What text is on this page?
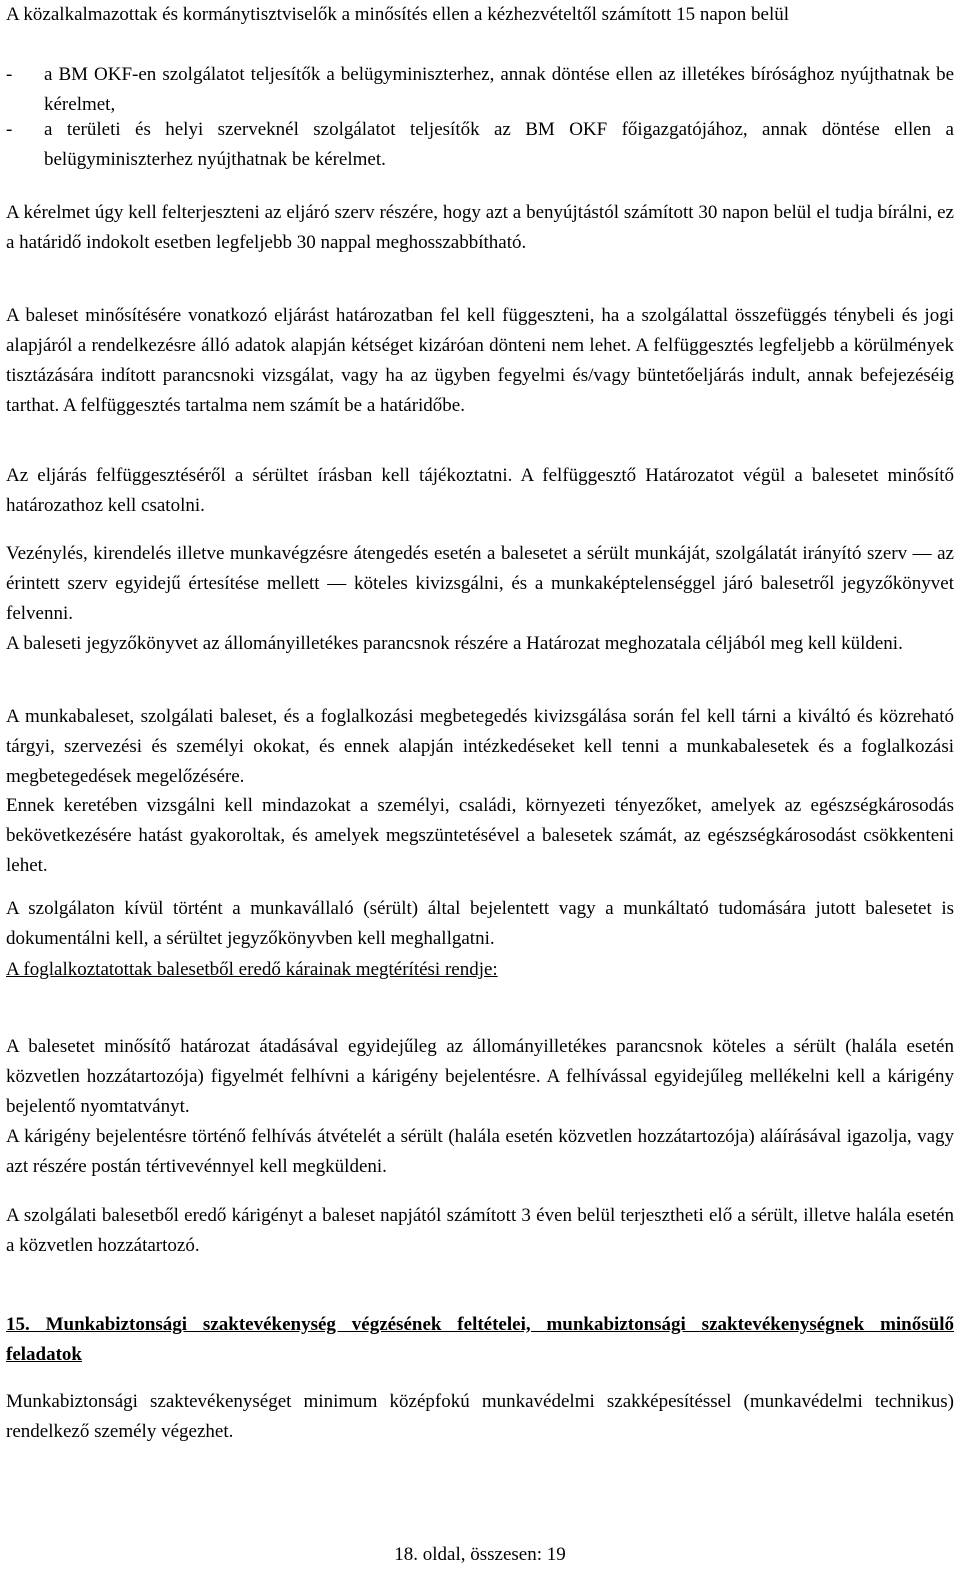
A közalkalmazottak és kormánytisztviselők a minősítés ellen a kézhezvételtől számított 15 napon belül

-	a BM OKF-en szolgálatot teljesítők a belügyminiszterhez, annak döntése ellen az illetékes bírósághoz nyújthatnak be kérelmet,
-	a területi és helyi szerveknél szolgálatot teljesítők az BM OKF főigazgatójához, annak döntése ellen a belügyminiszterhez nyújthatnak be kérelmet.

A kérelmet úgy kell felterjeszteni az eljáró szerv részére, hogy azt a benyújtástól számított 30 napon belül el tudja bírálni, ez a határidő indokolt esetben legfeljebb 30 nappal meghosszabbítható.

A baleset minősítésére vonatkozó eljárást határozatban fel kell függeszteni, ha a szolgálattal összefüggés ténybeli és jogi alapjáról a rendelkezésre álló adatok alapján kétséget kizáróan dönteni nem lehet. A felfüggesztés legfeljebb a körülmények tisztázására indított parancsnoki vizsgálat, vagy ha az ügyben fegyelmi és/vagy büntetőeljárás indult, annak befejezéséig tarthat. A felfüggesztés tartalma nem számít be a határidőbe.

Az eljárás felfüggesztéséről a sérültet írásban kell tájékoztatni. A felfüggesztő Határozatot végül a balesetet minősítő határozathoz kell csatolni.

Vezénylés, kirendelés illetve munkavégzésre átengedés esetén a balesetet a sérült munkáját, szolgálatát irányító szerv — az érintett szerv egyidejű értesítése mellett — köteles kivizsgálni, és a munkaképtelenséggel járó balesetről jegyzőkönyvet felvenni.

A baleseti jegyzőkönyvet az állományilletékes parancsnok részére a Határozat meghozatala céljából meg kell küldeni.

A munkabaleset, szolgálati baleset, és a foglalkozási megbetegedés kivizsgálása során fel kell tárni a kiváltó és közreható tárgyi, szervezési és személyi okokat, és ennek alapján intézkedéseket kell tenni a munkabalesetek és a foglalkozási megbetegedések megelőzésére.

Ennek keretében vizsgálni kell mindazokat a személyi, családi, környezeti tényezőket, amelyek az egészségkárosodás bekövetkezésére hatást gyakoroltak, és amelyek megszüntetésével a balesetek számát, az egészségkárosodást csökkenteni lehet.

A szolgálaton kívül történt a munkavállaló (sérült) által bejelentett vagy a munkáltató tudomására jutott balesetet is dokumentálni kell, a sérültet jegyzőkönyvben kell meghallgatni.

A foglalkoztatottak balesetből eredő kárainak megtérítési rendje:

A balesetet minősítő határozat átadásával egyidejűleg az állományilletékes parancsnok köteles a sérült (halála esetén közvetlen hozzátartozója) figyelmét felhívni a kárigény bejelentésre. A felhívással egyidejűleg mellékelni kell a kárigény bejelentő nyomtatványt.

A kárigény bejelentésre történő felhívás átvételét a sérült (halála esetén közvetlen hozzátartozója) aláírásával igazolja, vagy azt részére postán tértivevénnyel kell megküldeni.

A szolgálati balesetből eredő kárigényt a baleset napjától számított 3 éven belül terjesztheti elő a sérült, illetve halála esetén a közvetlen hozzátartozó.

15. Munkabiztonsági szaktevékenység végzésének feltételei, munkabiztonsági szaktevékenységnek minősülő feladatok

Munkabiztonsági szaktevékenységet minimum középfokú munkavédelmi szakképesítéssel (munkavédelmi technikus) rendelkező személy végezhet.

18. oldal, összesen: 19
